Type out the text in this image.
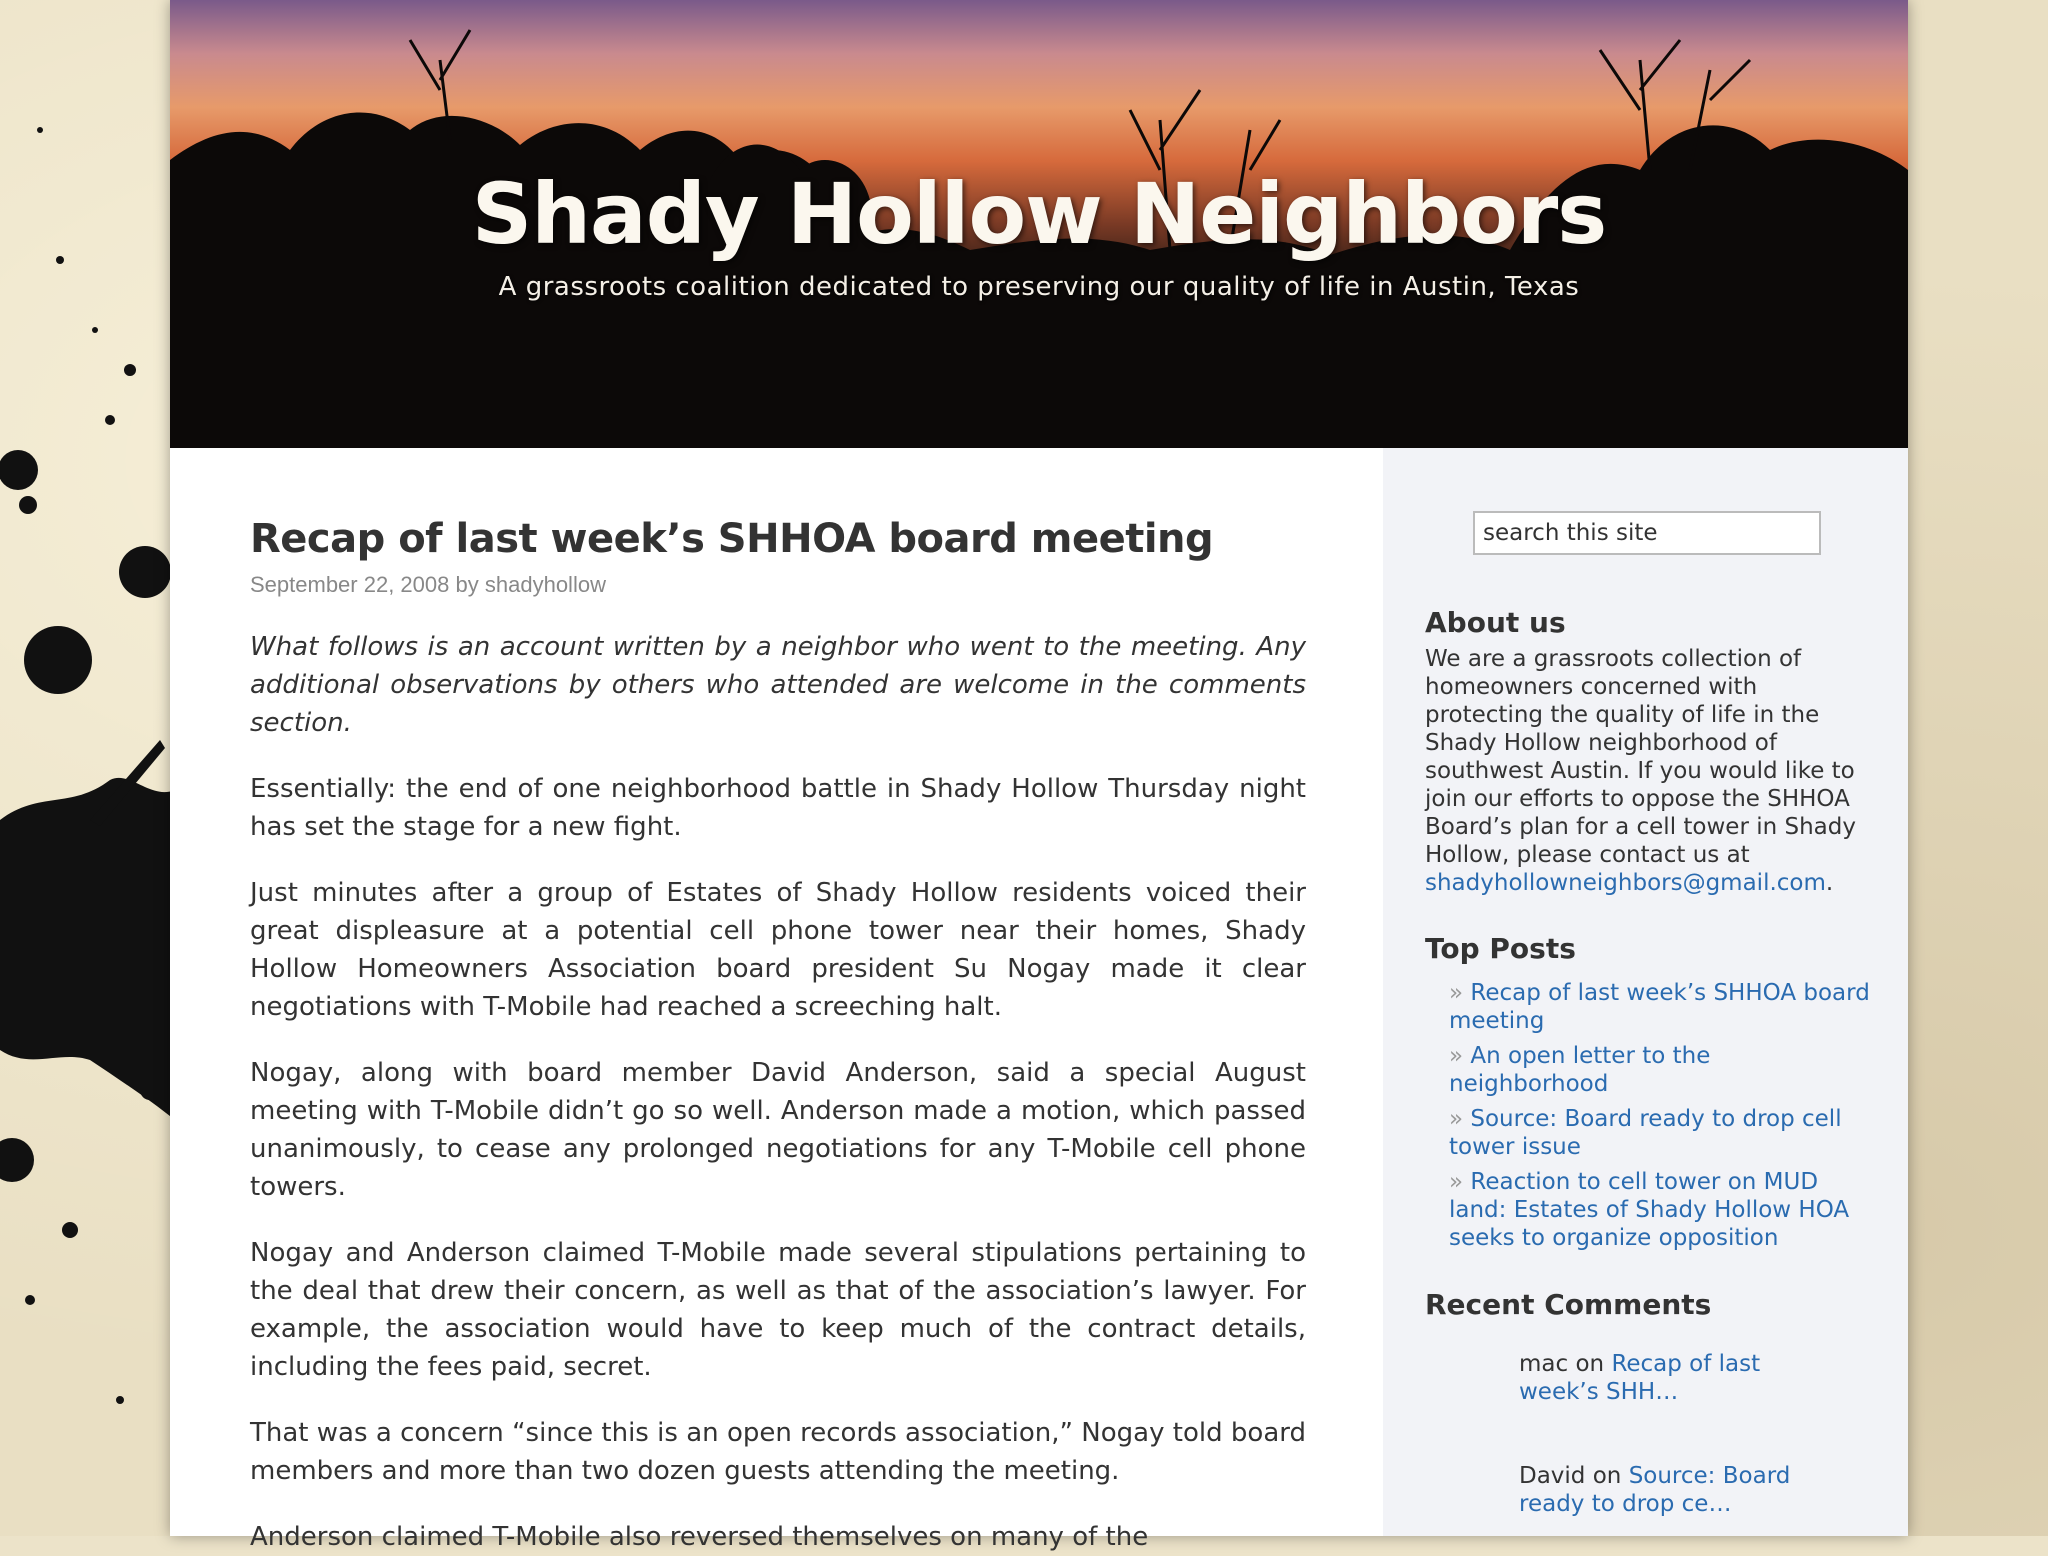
Shady Hollow Neighbors
A grassroots coalition dedicated to preserving our quality of life in Austin, Texas
Recap of last week’s SHHOA board meeting
September 22, 2008 by shadyhollow

What follows is an account written by a neighbor who went to the meeting. Any additional observations by others who attended are welcome in the comments section.

Essentially: the end of one neighborhood battle in Shady Hollow Thursday night has set the stage for a new fight.

Just minutes after a group of Estates of Shady Hollow residents voiced their great displeasure at a potential cell phone tower near their homes, Shady Hollow Homeowners Association board president Su Nogay made it clear negotiations with T-Mobile had reached a screeching halt.

Nogay, along with board member David Anderson, said a special August meeting with T-Mobile didn’t go so well. Anderson made a motion, which passed unanimously, to cease any prolonged negotiations for any T-Mobile cell phone towers.

Nogay and Anderson claimed T-Mobile made several stipulations pertaining to the deal that drew their concern, as well as that of the association’s lawyer. For example, the association would have to keep much of the contract details, including the fees paid, secret.

That was a concern “since this is an open records association,” Nogay told board members and more than two dozen guests attending the meeting.

Anderson claimed T-Mobile also reversed themselves on many of the

search this site
About us
We are a grassroots collection of homeowners concerned with protecting the quality of life in the Shady Hollow neighborhood of southwest Austin. If you would like to join our efforts to oppose the SHHOA Board’s plan for a cell tower in Shady Hollow, please contact us at shadyhollowneighbors@gmail.com.
Top Posts
» Recap of last week’s SHHOA board meeting
» An open letter to the neighborhood
» Source: Board ready to drop cell tower issue
» Reaction to cell tower on MUD land: Estates of Shady Hollow HOA seeks to organize opposition
Recent Comments
mac on Recap of last week’s SHH…
David on Source: Board ready to drop ce…
